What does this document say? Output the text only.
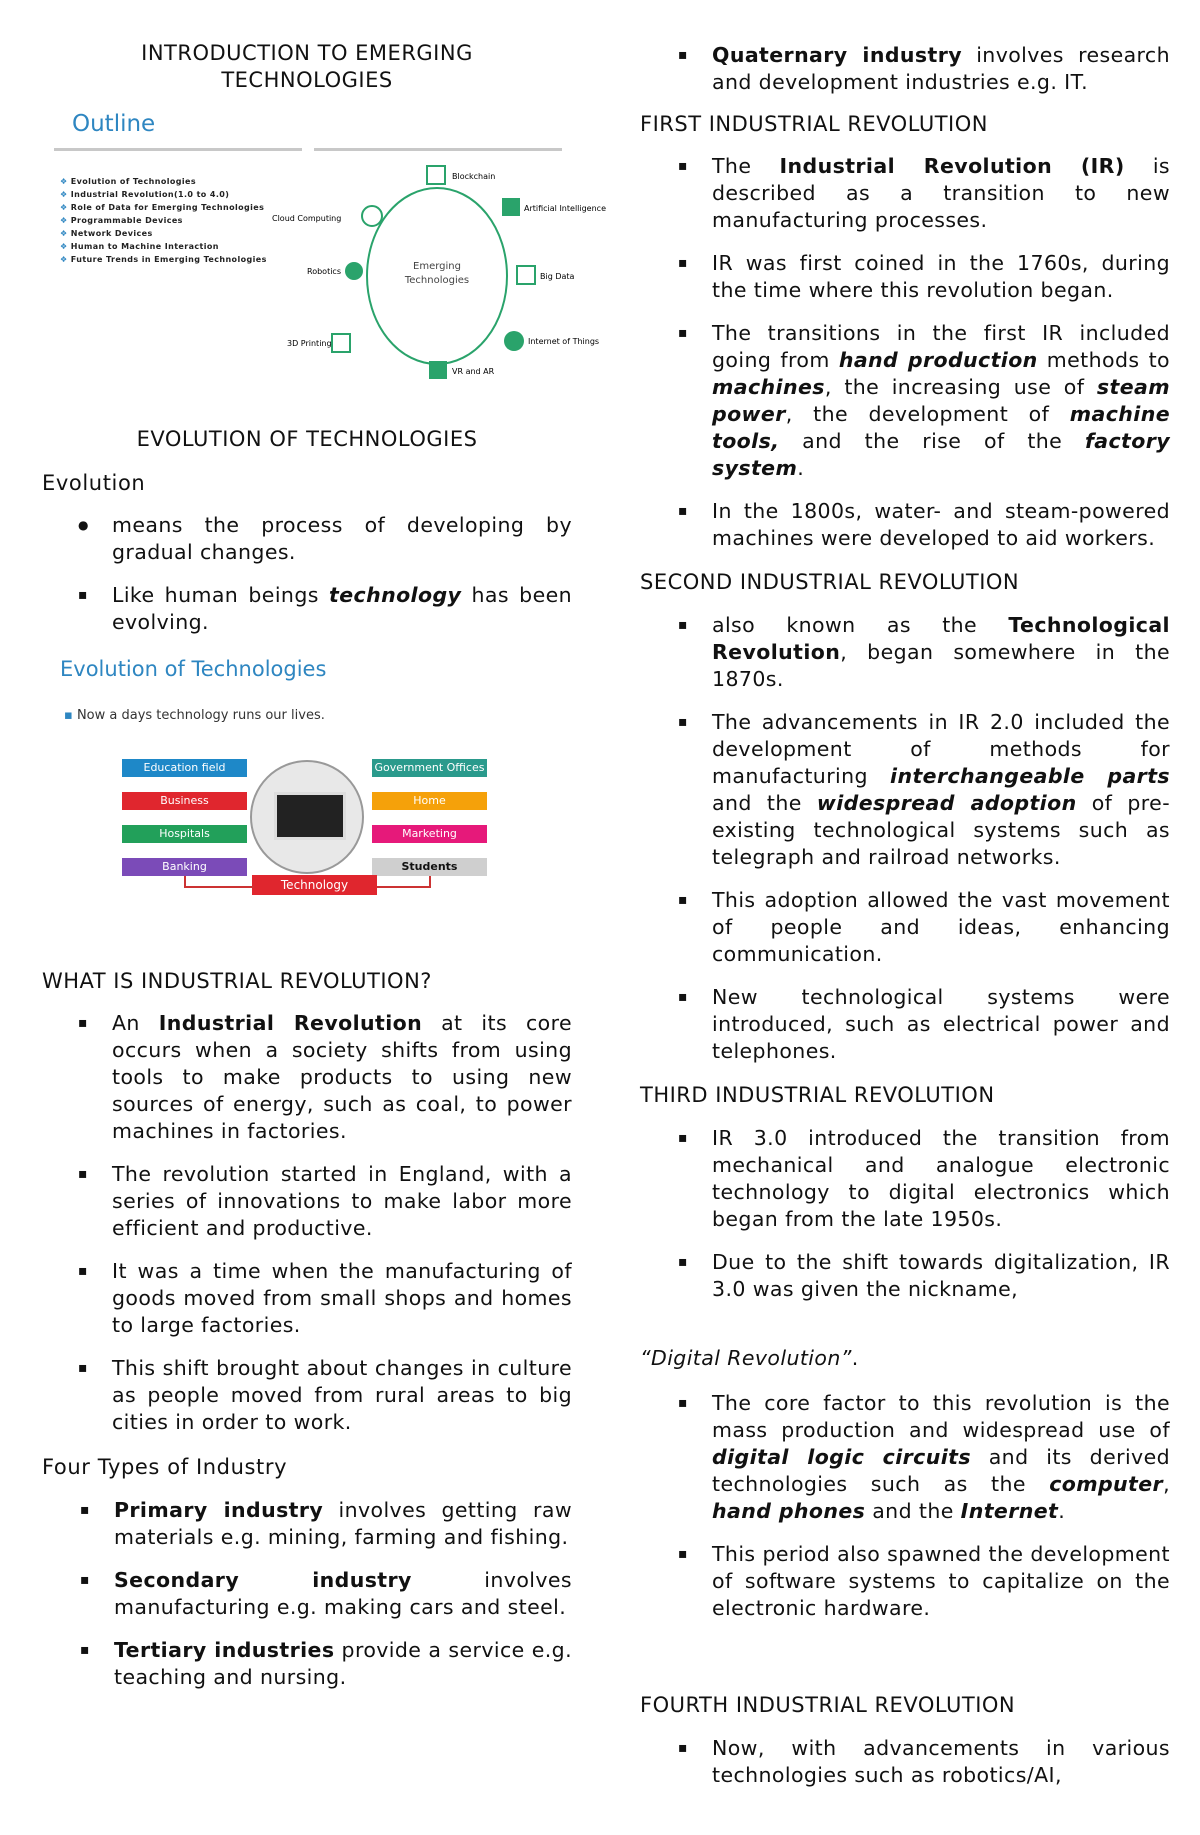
INTRODUCTION TO EMERGING

TECHNOLOGIES

Outline
❖ Evolution of Technologies
❖ Industrial Revolution(1.0 to 4.0)
❖ Role of Data for Emerging Technologies
❖ Programmable Devices
❖ Network Devices
❖ Human to Machine Interaction
❖ Future Trends in Emerging Technologies
Emerging
Technologies
Blockchain
Artificial Intelligence
Big Data
Internet of Things
VR and AR
3D Printing
Robotics
Cloud Computing

EVOLUTION OF TECHNOLOGIES

Evolution

● means the process of developing by gradual changes.
▪ Like human beings technology has been evolving.
Evolution of Technologies
▪ Now a days technology runs our lives.
Education field
Business
Hospitals
Banking
Government Offices
Home
Marketing
Students
Technology

WHAT IS INDUSTRIAL REVOLUTION?

▪ An Industrial Revolution at its core occurs when a society shifts from using tools to make products to using new sources of energy, such as coal, to power machines in factories.
▪ The revolution started in England, with a series of innovations to make labor more efficient and productive.
▪ It was a time when the manufacturing of goods moved from small shops and homes to large factories.
▪ This shift brought about changes in culture as people moved from rural areas to big cities in order to work.

Four Types of Industry

▪ Primary industry involves getting raw materials e.g. mining, farming and fishing.
▪ Secondary industry involves manufacturing e.g. making cars and steel.
▪ Tertiary industries provide a service e.g. teaching and nursing.
▪ Quaternary industry involves research and development industries e.g. IT.

FIRST INDUSTRIAL REVOLUTION

▪ The Industrial Revolution (IR) is described as a transition to new manufacturing processes.
▪ IR was first coined in the 1760s, during the time where this revolution began.
▪ The transitions in the first IR included going from hand production methods to machines, the increasing use of steam power, the development of machine tools, and the rise of the factory system.
▪ In the 1800s, water- and steam-powered machines were developed to aid workers.

SECOND INDUSTRIAL REVOLUTION

▪ also known as the Technological Revolution, began somewhere in the 1870s.
▪ The advancements in IR 2.0 included the development of methods for manufacturing interchangeable parts and the widespread adoption of pre-existing technological systems such as telegraph and railroad networks.
▪ This adoption allowed the vast movement of people and ideas, enhancing communication.
▪ New technological systems were introduced, such as electrical power and telephones.

THIRD INDUSTRIAL REVOLUTION

▪ IR 3.0 introduced the transition from mechanical and analogue electronic technology to digital electronics which began from the late 1950s.
▪ Due to the shift towards digitalization, IR 3.0 was given the nickname,

“Digital Revolution”.

▪ The core factor to this revolution is the mass production and widespread use of digital logic circuits and its derived technologies such as the computer, hand phones and the Internet.
▪ This period also spawned the development of software systems to capitalize on the electronic hardware.

FOURTH INDUSTRIAL REVOLUTION

▪ Now, with advancements in various technologies such as robotics/AI,
